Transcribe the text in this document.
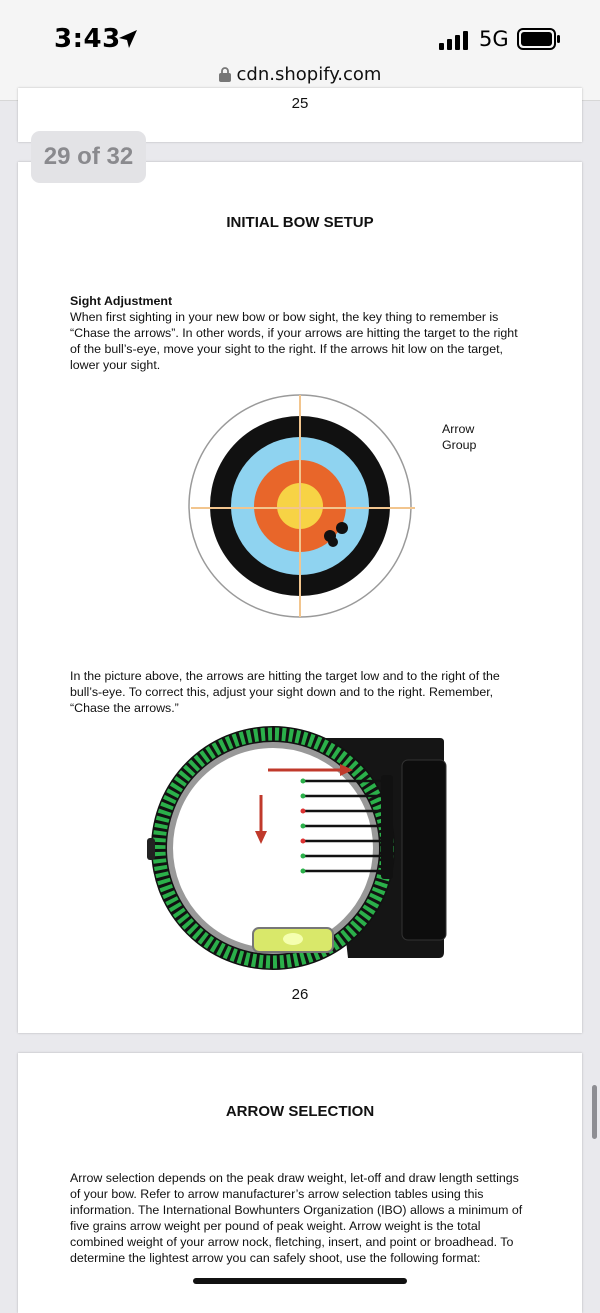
3:43	5G
cdn.shopify.com
25
INITIAL BOW SETUP
Sight Adjustment
When first sighting in your new bow or bow sight, the key thing to remember is “Chase the arrows”. In other words, if your arrows are hitting the target to the right of the bull’s-eye, move your sight to the right. If the arrows hit low on the target, lower your sight.
Arrow Group
In the picture above, the arrows are hitting the target low and to the right of the bull’s-eye. To correct this, adjust your sight down and to the right. Remember, “Chase the arrows.”
26
29 of 32
ARROW SELECTION
Arrow selection depends on the peak draw weight, let-off and draw length settings of your bow. Refer to arrow manufacturer’s arrow selection tables using this information. The International Bowhunters Organization (IBO) allows a minimum of five grains arrow weight per pound of peak weight. Arrow weight is the total combined weight of your arrow nock, fletching, insert, and point or broadhead. To determine the lightest arrow you can safely shoot, use the following format:
